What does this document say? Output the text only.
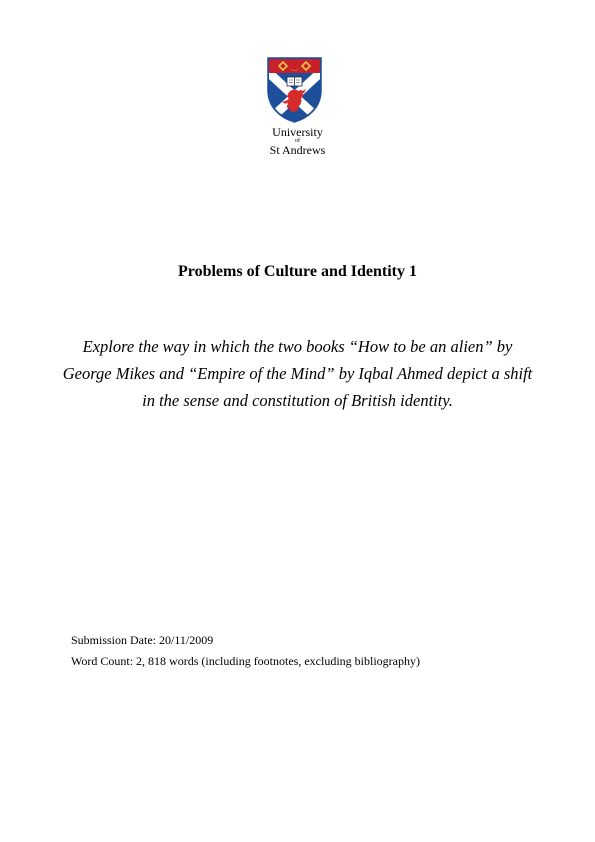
University
of
St Andrews
Problems of Culture and Identity 1
Explore the way in which the two books “How to be an alien” by George Mikes and “Empire of the Mind” by Iqbal Ahmed depict a shift in the sense and constitution of British identity.
Submission Date: 20/11/2009
Word Count: 2, 818 words (including footnotes, excluding bibliography)
